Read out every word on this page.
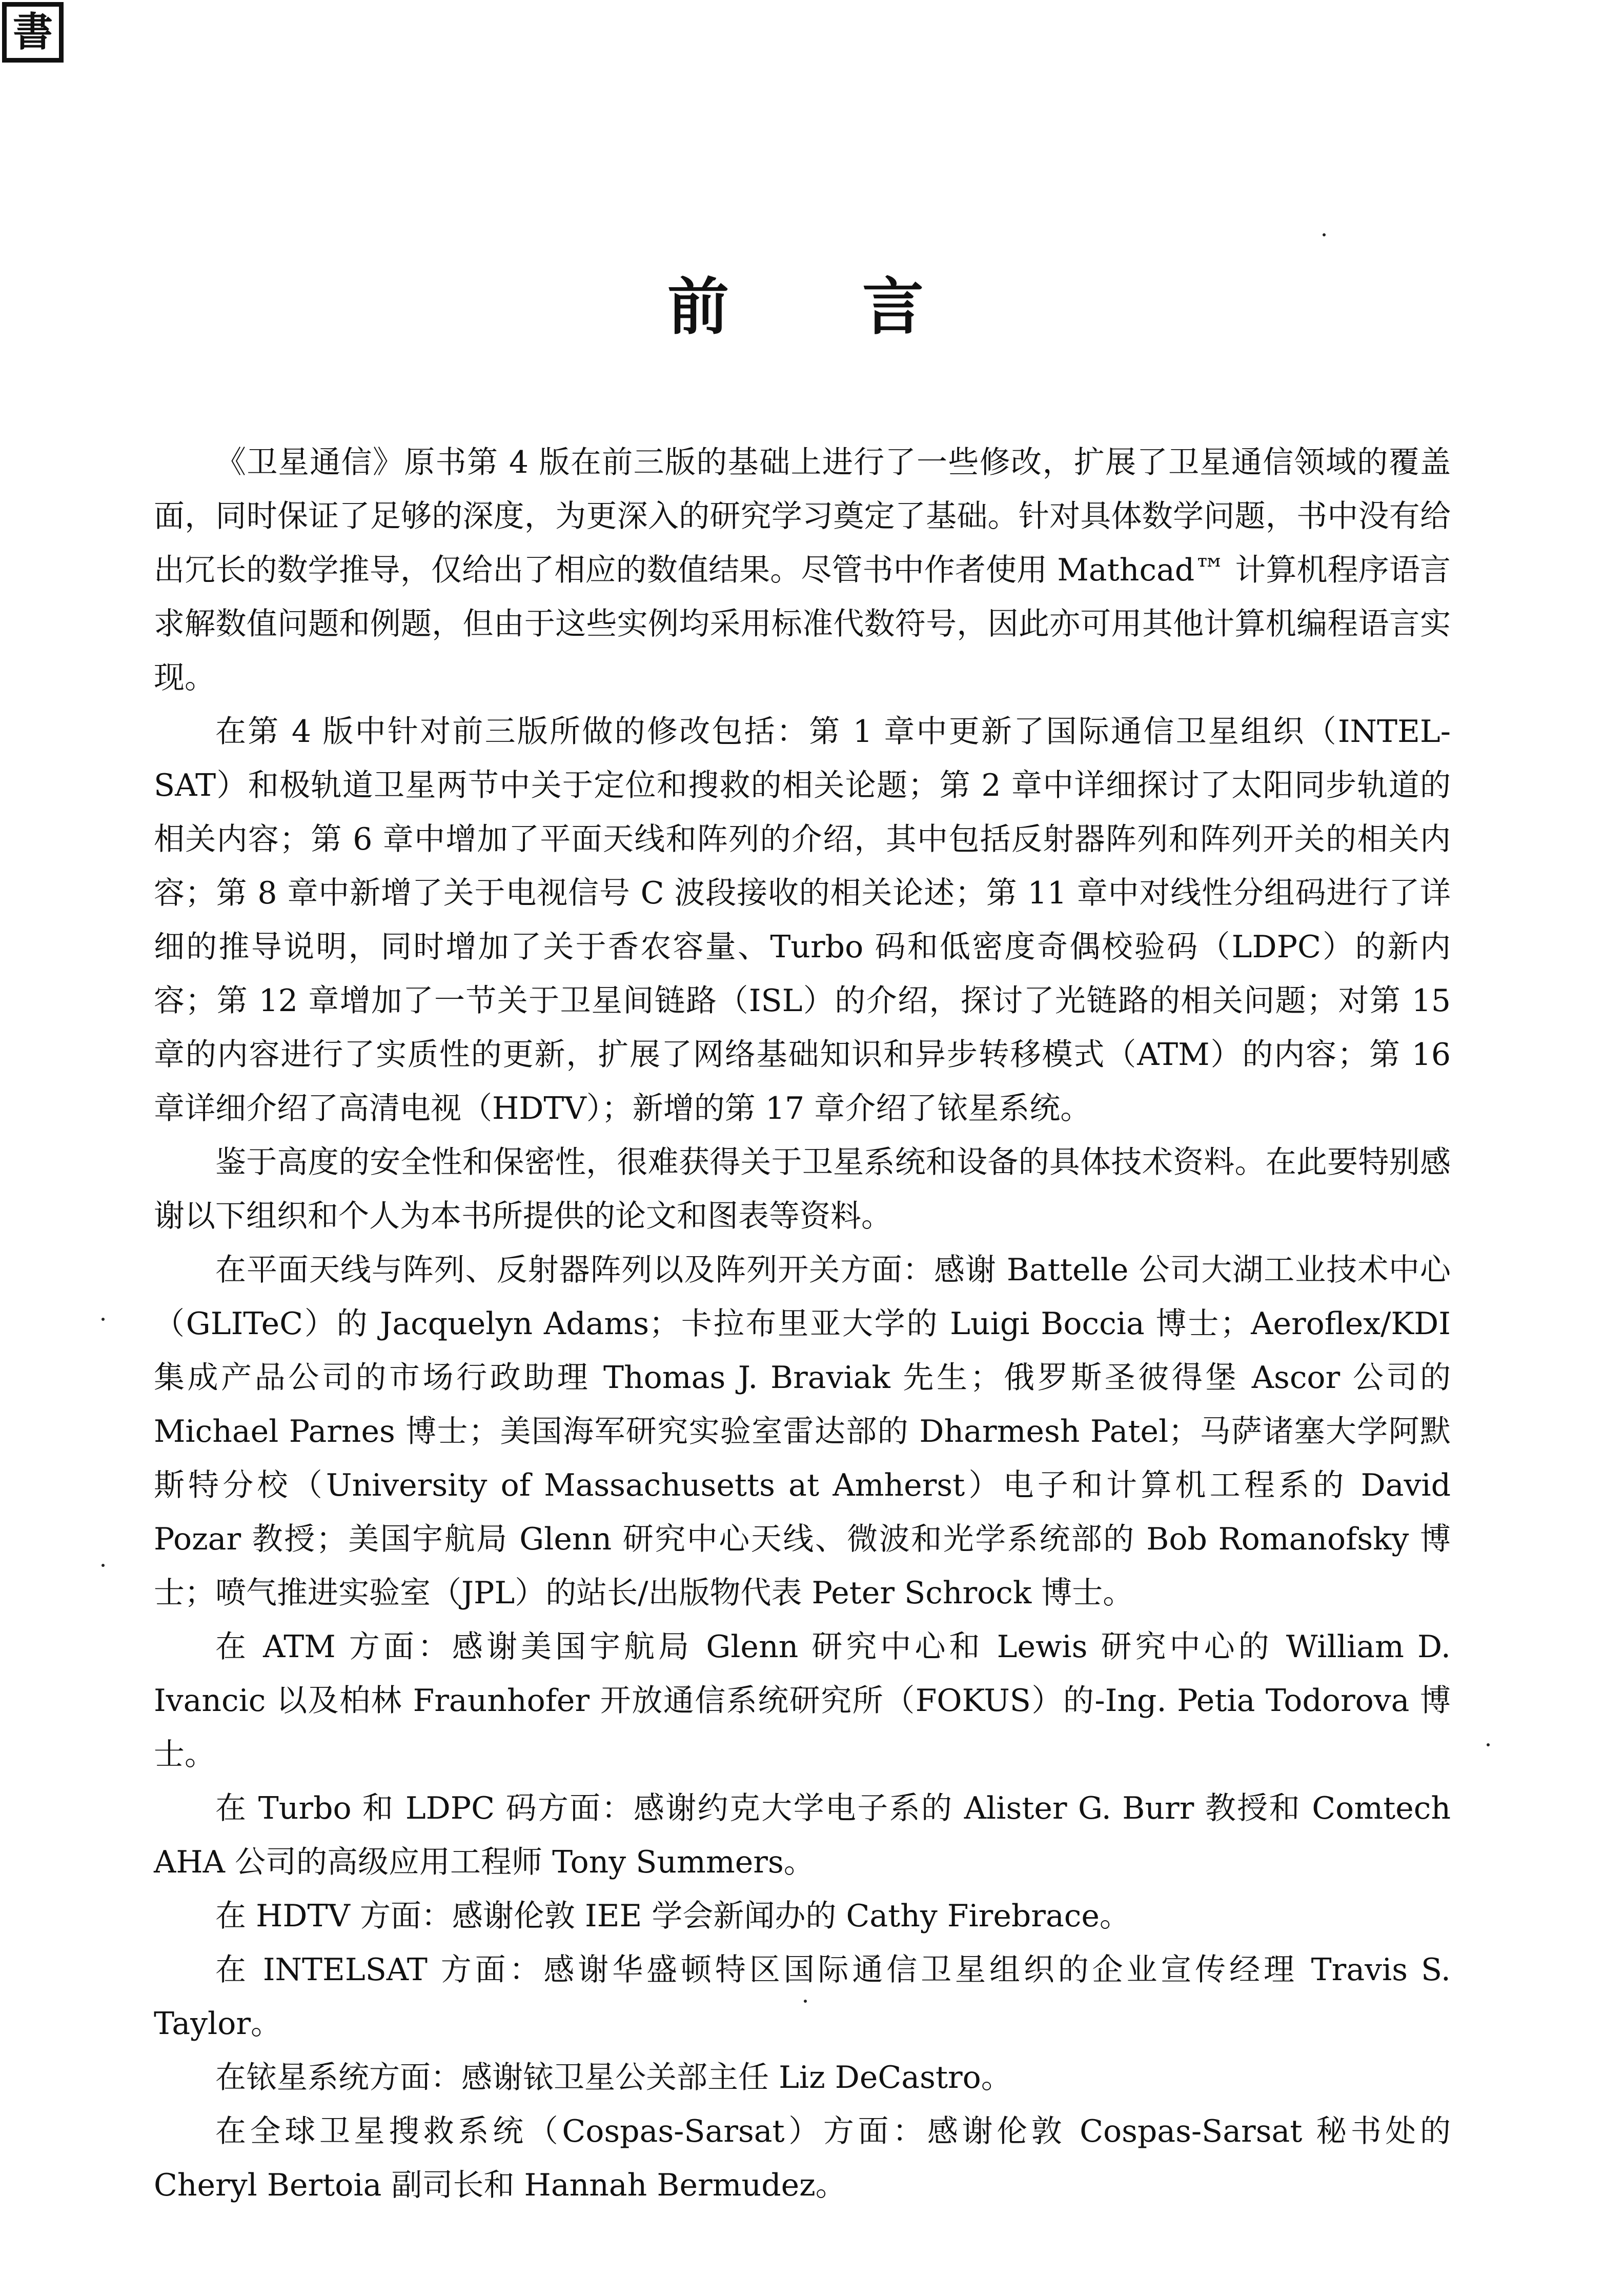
書
前 言

《卫星通信》原书第 4 版在前三版的基础上进行了一些修改，扩展了卫星通信领域的覆盖面，同时保证了足够的深度，为更深入的研究学习奠定了基础。针对具体数学问题，书中没有给出冗长的数学推导，仅给出了相应的数值结果。尽管书中作者使用 Mathcad™ 计算机程序语言求解数值问题和例题，但由于这些实例均采用标准代数符号，因此亦可用其他计算机编程语言实现。

在第 4 版中针对前三版所做的修改包括：第 1 章中更新了国际通信卫星组织（INTEL-SAT）和极轨道卫星两节中关于定位和搜救的相关论题；第 2 章中详细探讨了太阳同步轨道的相关内容；第 6 章中增加了平面天线和阵列的介绍，其中包括反射器阵列和阵列开关的相关内容；第 8 章中新增了关于电视信号 C 波段接收的相关论述；第 11 章中对线性分组码进行了详细的推导说明，同时增加了关于香农容量、Turbo 码和低密度奇偶校验码（LDPC）的新内容；第 12 章增加了一节关于卫星间链路（ISL）的介绍，探讨了光链路的相关问题；对第 15 章的内容进行了实质性的更新，扩展了网络基础知识和异步转移模式（ATM）的内容；第 16 章详细介绍了高清电视（HDTV）；新增的第 17 章介绍了铱星系统。

鉴于高度的安全性和保密性，很难获得关于卫星系统和设备的具体技术资料。在此要特别感谢以下组织和个人为本书所提供的论文和图表等资料。

在平面天线与阵列、反射器阵列以及阵列开关方面：感谢 Battelle 公司大湖工业技术中心（GLITeC）的 Jacquelyn Adams；卡拉布里亚大学的 Luigi Boccia 博士；Aeroflex/KDI 集成产品公司的市场行政助理 Thomas J. Braviak 先生；俄罗斯圣彼得堡 Ascor 公司的 Michael Parnes 博士；美国海军研究实验室雷达部的 Dharmesh Patel；马萨诸塞大学阿默斯特分校（University of Massachusetts at Amherst）电子和计算机工程系的 David Pozar 教授；美国宇航局 Glenn 研究中心天线、微波和光学系统部的 Bob Romanofsky 博士；喷气推进实验室（JPL）的站长/出版物代表 Peter Schrock 博士。

在 ATM 方面：感谢美国宇航局 Glenn 研究中心和 Lewis 研究中心的 William D. Ivancic 以及柏林 Fraunhofer 开放通信系统研究所（FOKUS）的-Ing. Petia Todorova 博士。

在 Turbo 和 LDPC 码方面：感谢约克大学电子系的 Alister G. Burr 教授和 Comtech AHA 公司的高级应用工程师 Tony Summers。

在 HDTV 方面：感谢伦敦 IEE 学会新闻办的 Cathy Firebrace。

在 INTELSAT 方面：感谢华盛顿特区国际通信卫星组织的企业宣传经理 Travis S. Taylor。

在铱星系统方面：感谢铱卫星公关部主任 Liz DeCastro。

在全球卫星搜救系统（Cospas-Sarsat）方面：感谢伦敦 Cospas-Sarsat 秘书处的 Cheryl Bertoia 副司长和 Hannah Bermudez。
